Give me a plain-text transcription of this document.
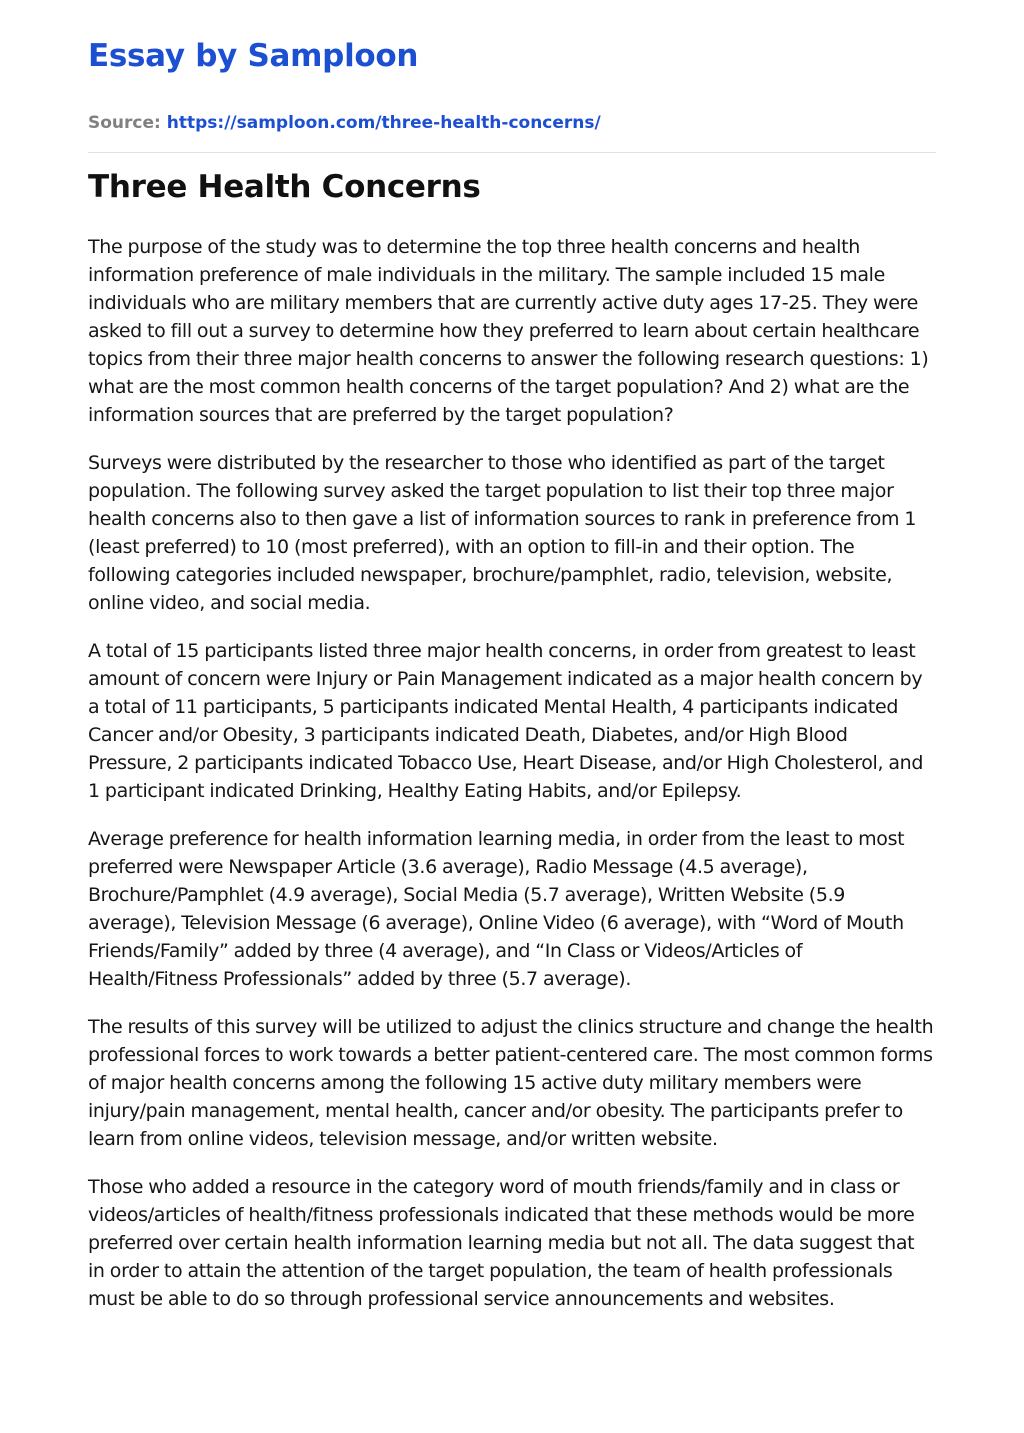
Essay by Samploon
Source: https://samploon.com/three-health-concerns/
Three Health Concerns

The purpose of the study was to determine the top three health concerns and health information preference of male individuals in the military. The sample included 15 male individuals who are military members that are currently active duty ages 17-25. They were asked to fill out a survey to determine how they preferred to learn about certain healthcare topics from their three major health concerns to answer the following research questions: 1) what are the most common health concerns of the target population? And 2) what are the information sources that are preferred by the target population?

Surveys were distributed by the researcher to those who identified as part of the target population. The following survey asked the target population to list their top three major health concerns also to then gave a list of information sources to rank in preference from 1 (least preferred) to 10 (most preferred), with an option to fill-in and their option. The following categories included newspaper, brochure/pamphlet, radio, television, website, online video, and social media.

A total of 15 participants listed three major health concerns, in order from greatest to least amount of concern were Injury or Pain Management indicated as a major health concern by a total of 11 participants, 5 participants indicated Mental Health, 4 participants indicated Cancer and/or Obesity, 3 participants indicated Death, Diabetes, and/or High Blood Pressure, 2 participants indicated Tobacco Use, Heart Disease, and/or High Cholesterol, and 1 participant indicated Drinking, Healthy Eating Habits, and/or Epilepsy.

Average preference for health information learning media, in order from the least to most preferred were Newspaper Article (3.6 average), Radio Message (4.5 average), Brochure/Pamphlet (4.9 average), Social Media (5.7 average), Written Website (5.9 average), Television Message (6 average), Online Video (6 average), with “Word of Mouth Friends/Family” added by three (4 average), and “In Class or Videos/Articles of Health/Fitness Professionals” added by three (5.7 average).

The results of this survey will be utilized to adjust the clinics structure and change the health professional forces to work towards a better patient-centered care. The most common forms of major health concerns among the following 15 active duty military members were injury/pain management, mental health, cancer and/or obesity. The participants prefer to learn from online videos, television message, and/or written website.

Those who added a resource in the category word of mouth friends/family and in class or videos/articles of health/fitness professionals indicated that these methods would be more preferred over certain health information learning media but not all. The data suggest that in order to attain the attention of the target population, the team of health professionals must be able to do so through professional service announcements and websites.
